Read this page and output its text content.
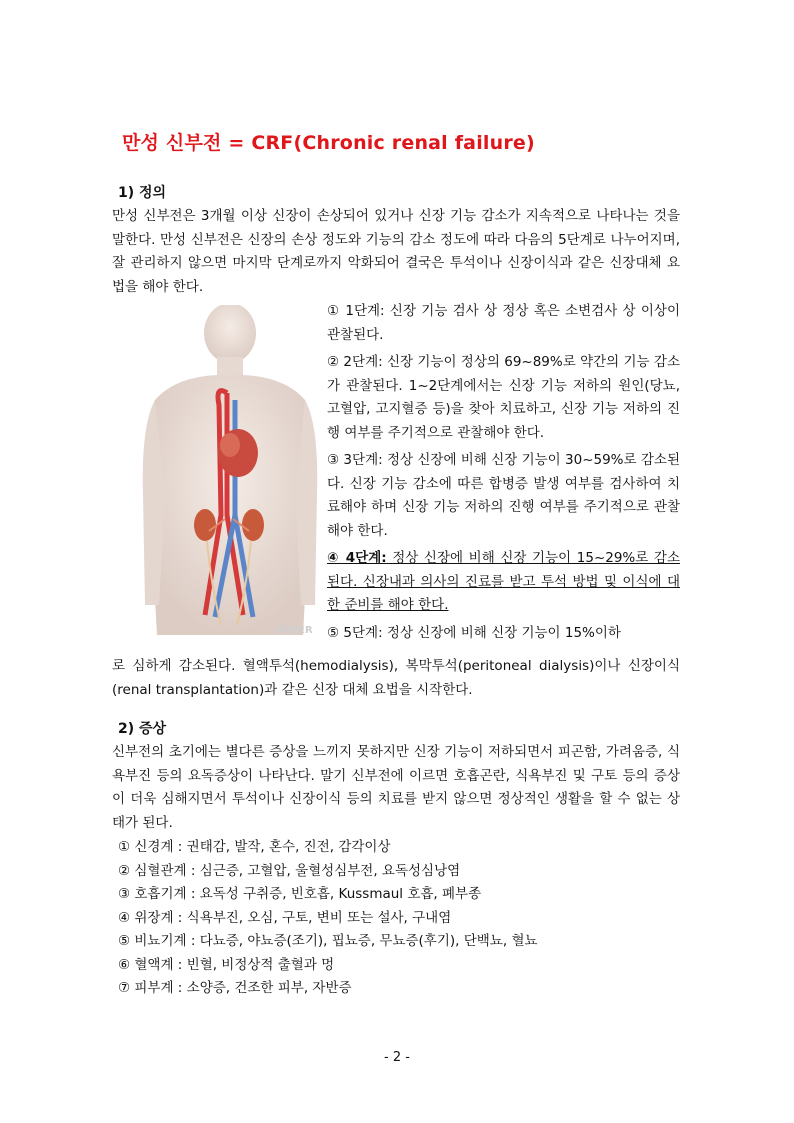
만성 신부전 = CRF(Chronic renal failure)
1) 정의

만성 신부전은 3개월 이상 신장이 손상되어 있거나 신장 기능 감소가 지속적으로 나타나는 것을 말한다. 만성 신부전은 신장의 손상 정도와 기능의 감소 정도에 따라 다음의 5단계로 나누어지며, 잘 관리하지 않으면 마지막 단계로까지 악화되어 결국은 투석이나 신장이식과 같은 신장대체 요법을 해야 한다.

NAVER

① 1단계: 신장 기능 검사 상 정상 혹은 소변검사 상 이상이 관찰된다.

② 2단계: 신장 기능이 정상의 69~89%로 약간의 기능 감소가 관찰된다. 1~2단계에서는 신장 기능 저하의 원인(당뇨, 고혈압, 고지혈증 등)을 찾아 치료하고, 신장 기능 저하의 진행 여부를 주기적으로 관찰해야 한다.

③ 3단계: 정상 신장에 비해 신장 기능이 30~59%로 감소된다. 신장 기능 감소에 따른 합병증 발생 여부를 검사하여 치료해야 하며 신장 기능 저하의 진행 여부를 주기적으로 관찰해야 한다.

④ 4단계: 정상 신장에 비해 신장 기능이 15~29%로 감소된다. 신장내과 의사의 진료를 받고 투석 방법 및 이식에 대한 준비를 해야 한다.

⑤ 5단계: 정상 신장에 비해 신장 기능이 15%이하

로 심하게 감소된다. 혈액투석(hemodialysis), 복막투석(peritoneal dialysis)이나 신장이식(renal transplantation)과 같은 신장 대체 요법을 시작한다.
2) 증상
신부전의 초기에는 별다른 증상을 느끼지 못하지만 신장 기능이 저하되면서 피곤함, 가려움증, 식욕부진 등의 요독증상이 나타난다. 말기 신부전에 이르면 호흡곤란, 식욕부진 및 구토 등의 증상이 더욱 심해지면서 투석이나 신장이식 등의 치료를 받지 않으면 정상적인 생활을 할 수 없는 상태가 된다.
① 신경계 : 권태감, 발작, 혼수, 진전, 감각이상
② 심혈관계 : 심근증, 고혈압, 울혈성심부전, 요독성심낭염
③ 호흡기계 : 요독성 구취증, 빈호흡, Kussmaul 호흡, 폐부종
④ 위장계 : 식욕부진, 오심, 구토, 변비 또는 설사, 구내염
⑤ 비뇨기계 : 다뇨증, 야뇨증(조기), 핍뇨증, 무뇨증(후기), 단백뇨, 혈뇨
⑥ 혈액계 : 빈혈, 비정상적 출혈과 멍
⑦ 피부계 : 소양증, 건조한 피부, 자반증
- 2 -
